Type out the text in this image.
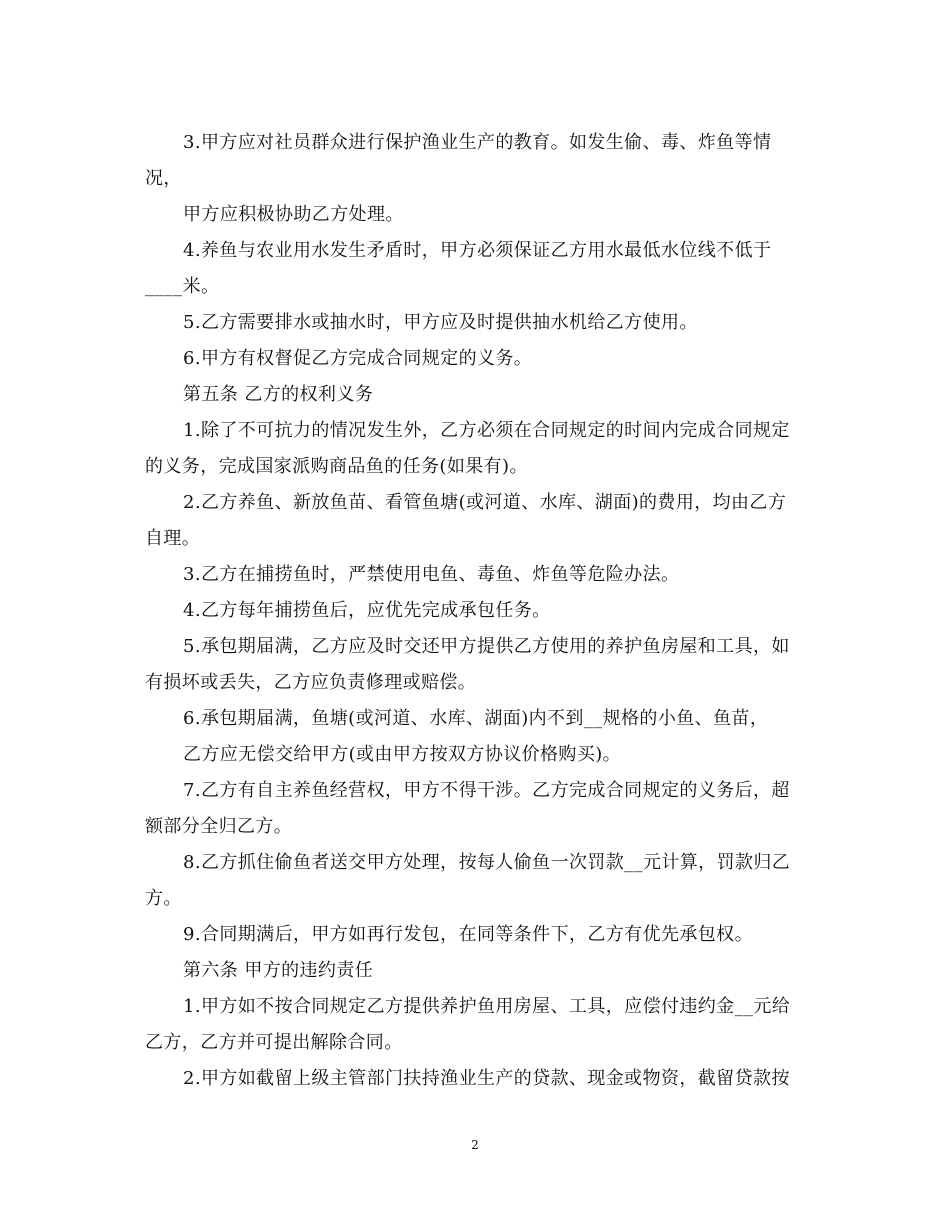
3.甲方应对社员群众进行保护渔业生产的教育。如发生偷、毒、炸鱼等情
况，
甲方应积极协助乙方处理。
4.养鱼与农业用水发生矛盾时，甲方必须保证乙方用水最低水位线不低于
____米。
5.乙方需要排水或抽水时，甲方应及时提供抽水机给乙方使用。
6.甲方有权督促乙方完成合同规定的义务。
第五条 乙方的权利义务
1.除了不可抗力的情况发生外，乙方必须在合同规定的时间内完成合同规定
的义务，完成国家派购商品鱼的任务(如果有)。
2.乙方养鱼、新放鱼苗、看管鱼塘(或河道、水库、湖面)的费用，均由乙方
自理。
3.乙方在捕捞鱼时，严禁使用电鱼、毒鱼、炸鱼等危险办法。
4.乙方每年捕捞鱼后，应优先完成承包任务。
5.承包期届满，乙方应及时交还甲方提供乙方使用的养护鱼房屋和工具，如
有损坏或丢失，乙方应负责修理或赔偿。
6.承包期届满，鱼塘(或河道、水库、湖面)内不到__规格的小鱼、鱼苗，
乙方应无偿交给甲方(或由甲方按双方协议价格购买)。
7.乙方有自主养鱼经营权，甲方不得干涉。乙方完成合同规定的义务后，超
额部分全归乙方。
8.乙方抓住偷鱼者送交甲方处理，按每人偷鱼一次罚款__元计算，罚款归乙
方。
9.合同期满后，甲方如再行发包，在同等条件下，乙方有优先承包权。
第六条 甲方的违约责任
1.甲方如不按合同规定乙方提供养护鱼用房屋、工具，应偿付违约金__元给
乙方，乙方并可提出解除合同。
2.甲方如截留上级主管部门扶持渔业生产的贷款、现金或物资，截留贷款按
2
